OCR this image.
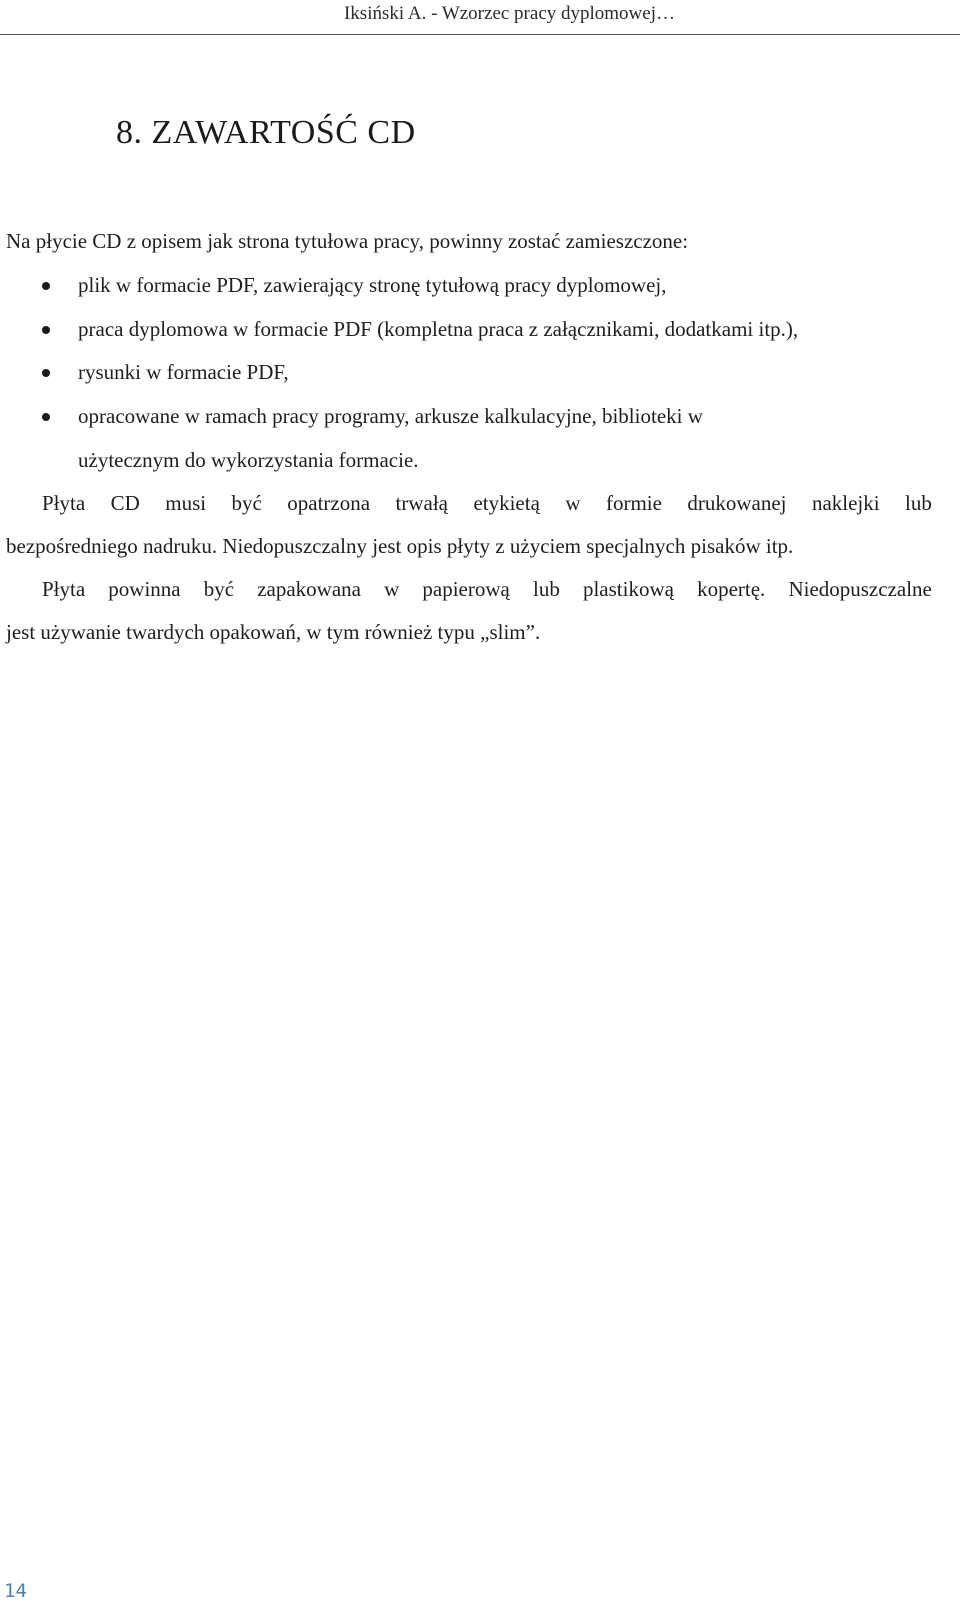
Iksiński A. - Wzorzec pracy dyplomowej…
8. ZAWARTOŚĆ CD
Na płycie CD z opisem jak strona tytułowa pracy, powinny zostać zamieszczone:
plik w formacie PDF, zawierający stronę tytułową pracy dyplomowej,
praca dyplomowa w formacie PDF (kompletna praca z załącznikami, dodatkami itp.),
rysunki w formacie PDF,
opracowane w ramach pracy programy, arkusze kalkulacyjne, biblioteki w
użytecznym do wykorzystania formacie.
Płyta CD musi być opatrzona trwałą etykietą w formie drukowanej naklejki lub
bezpośredniego nadruku. Niedopuszczalny jest opis płyty z użyciem specjalnych pisaków itp.
Płyta powinna być zapakowana w papierową lub plastikową kopertę. Niedopuszczalne
jest używanie twardych opakowań, w tym również typu „slim”.
14
